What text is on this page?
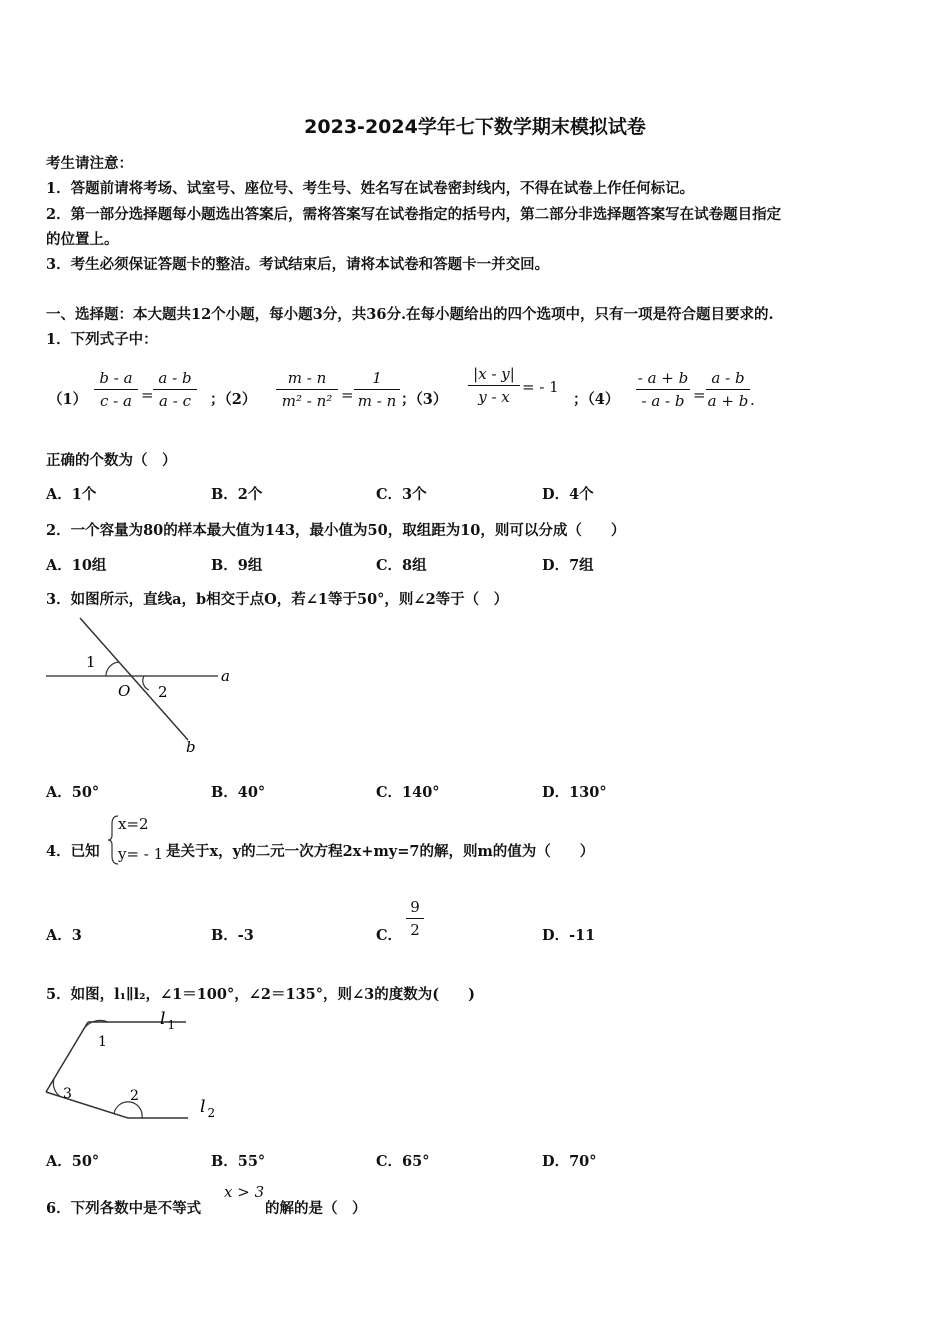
2023-2024学年七下数学期末模拟试卷
考生请注意：
1．答题前请将考场、试室号、座位号、考生号、姓名写在试卷密封线内，不得在试卷上作任何标记。
2．第一部分选择题每小题选出答案后，需将答案写在试卷指定的括号内，第二部分非选择题答案写在试卷题目指定
的位置上。
3．考生必须保证答题卡的整洁。考试结束后，请将本试卷和答题卡一并交回。
一、选择题：本大题共12个小题，每小题3分，共36分.在每小题给出的四个选项中，只有一项是符合题目要求的.
1．下列式子中：
（1）
b - a
c - a =
a - b
a - c	；（2）
m - n
m² - n² =
1
m - n ；（3）
|x - y|
y - x
= - 1
；（4）
- a + b
- a - b =
a - b
a + b .
正确的个数为（　）
A．1个	B．2个	C．3个	D．4个
2．一个容量为80的样本最大值为143，最小值为50，取组距为10，则可以分成（　　）
A．10组	B．9组	C．8组	D．7组
3．如图所示，直线a，b相交于点O，若∠1等于50°，则∠2等于（　）
1
O 2
a
b
A．50°	B．40°	C．140°	D．130°
4．已知
x=2
y= - 1 是关于x，y的二元一次方程2x+my=7的解，则m的值为（　　）
A．3	B．-3	C．
9
2	D．-11
5．如图，l₁∥l₂，∠1＝100°，∠2＝135°，则∠3的度数为(　　)
1
3	2
l $_1$
l $_2$
A．50°	B．55°	C．65°	D．70°
6．下列各数中是不等式
x > 3
的解的是（　）
